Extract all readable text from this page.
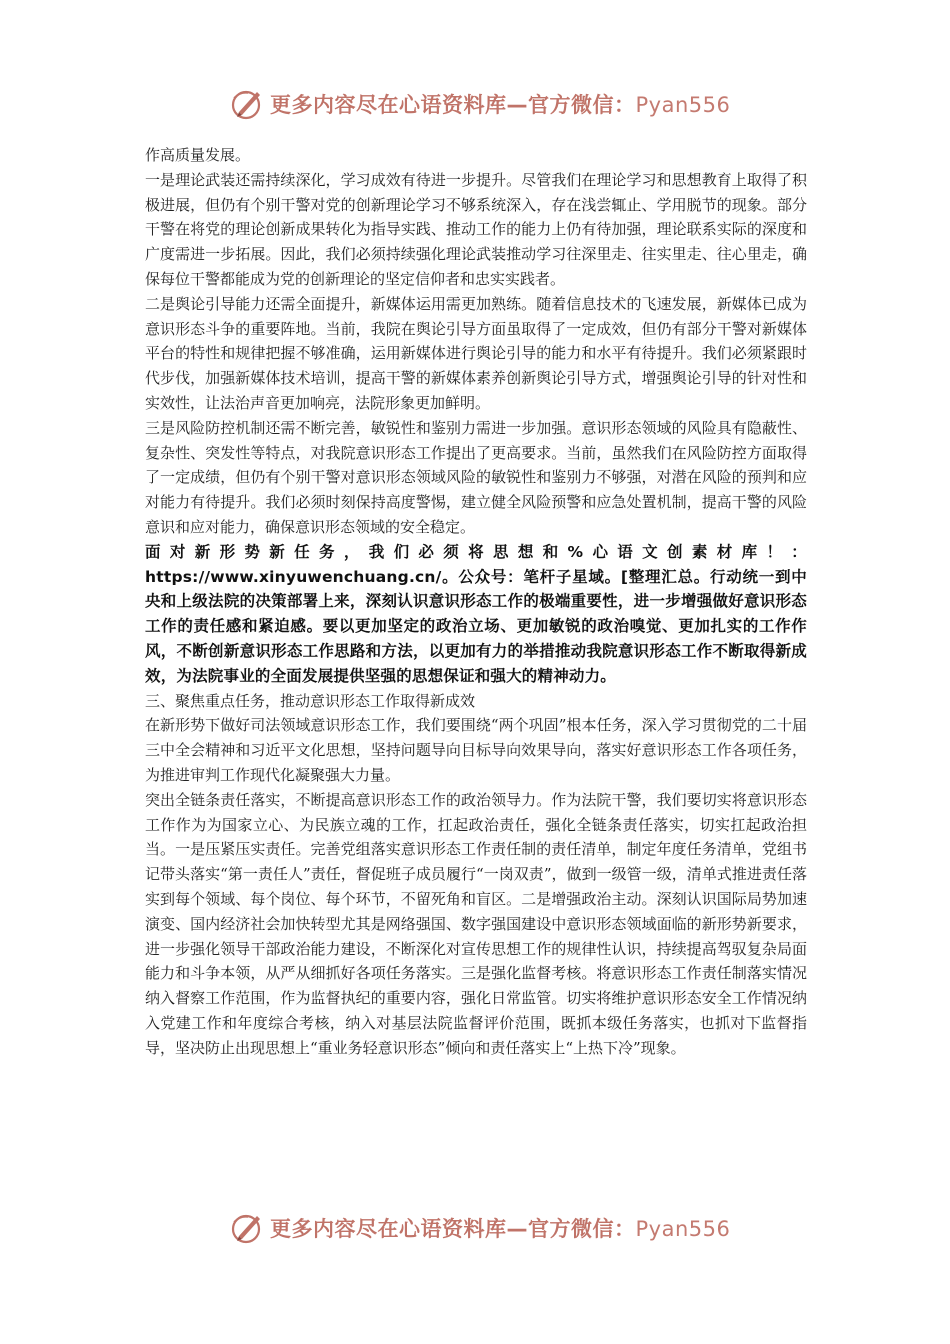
更多内容尽在心语资料库—官方微信：Pyan556

作高质量发展。

一是理论武装还需持续深化，学习成效有待进一步提升。尽管我们在理论学习和思想教育上取得了积极进展，但仍有个别干警对党的创新理论学习不够系统深入，存在浅尝辄止、学用脱节的现象。部分干警在将党的理论创新成果转化为指导实践、推动工作的能力上仍有待加强，理论联系实际的深度和广度需进一步拓展。因此，我们必须持续强化理论武装推动学习往深里走、往实里走、往心里走，确保每位干警都能成为党的创新理论的坚定信仰者和忠实实践者。

二是舆论引导能力还需全面提升，新媒体运用需更加熟练。随着信息技术的飞速发展，新媒体已成为意识形态斗争的重要阵地。当前，我院在舆论引导方面虽取得了一定成效，但仍有部分干警对新媒体平台的特性和规律把握不够准确，运用新媒体进行舆论引导的能力和水平有待提升。我们必须紧跟时代步伐，加强新媒体技术培训，提高干警的新媒体素养创新舆论引导方式，增强舆论引导的针对性和实效性，让法治声音更加响亮，法院形象更加鲜明。

三是风险防控机制还需不断完善，敏锐性和鉴别力需进一步加强。意识形态领域的风险具有隐蔽性、复杂性、突发性等特点，对我院意识形态工作提出了更高要求。当前，虽然我们在风险防控方面取得了一定成绩，但仍有个别干警对意识形态领域风险的敏锐性和鉴别力不够强，对潜在风险的预判和应对能力有待提升。我们必须时刻保持高度警惕，建立健全风险预警和应急处置机制，提高干警的风险意识和应对能力，确保意识形态领域的安全稳定。

面对新形势新任务，我们必须将思想和%心语文创素材库！：https://www.xinyuwenchuang.cn/。公众号：笔杆子星域。[整理汇总。行动统一到中央和上级法院的决策部署上来，深刻认识意识形态工作的极端重要性，进一步增强做好意识形态工作的责任感和紧迫感。要以更加坚定的政治立场、更加敏锐的政治嗅觉、更加扎实的工作作风，不断创新意识形态工作思路和方法，以更加有力的举措推动我院意识形态工作不断取得新成效，为法院事业的全面发展提供坚强的思想保证和强大的精神动力。

三、聚焦重点任务，推动意识形态工作取得新成效

在新形势下做好司法领域意识形态工作，我们要围绕“两个巩固”根本任务，深入学习贯彻党的二十届三中全会精神和习近平文化思想，坚持问题导向目标导向效果导向，落实好意识形态工作各项任务，为推进审判工作现代化凝聚强大力量。

突出全链条责任落实，不断提高意识形态工作的政治领导力。作为法院干警，我们要切实将意识形态工作作为为国家立心、为民族立魂的工作，扛起政治责任，强化全链条责任落实，切实扛起政治担当。一是压紧压实责任。完善党组落实意识形态工作责任制的责任清单，制定年度任务清单，党组书记带头落实“第一责任人”责任，督促班子成员履行“一岗双责”，做到一级管一级，清单式推进责任落实到每个领域、每个岗位、每个环节，不留死角和盲区。二是增强政治主动。深刻认识国际局势加速演变、国内经济社会加快转型尤其是网络强国、数字强国建设中意识形态领域面临的新形势新要求，进一步强化领导干部政治能力建设，不断深化对宣传思想工作的规律性认识，持续提高驾驭复杂局面能力和斗争本领，从严从细抓好各项任务落实。三是强化监督考核。将意识形态工作责任制落实情况纳入督察工作范围，作为监督执纪的重要内容，强化日常监管。切实将维护意识形态安全工作情况纳入党建工作和年度综合考核，纳入对基层法院监督评价范围，既抓本级任务落实，也抓对下监督指导，坚决防止出现思想上“重业务轻意识形态”倾向和责任落实上“上热下冷”现象。

更多内容尽在心语资料库—官方微信：Pyan556
